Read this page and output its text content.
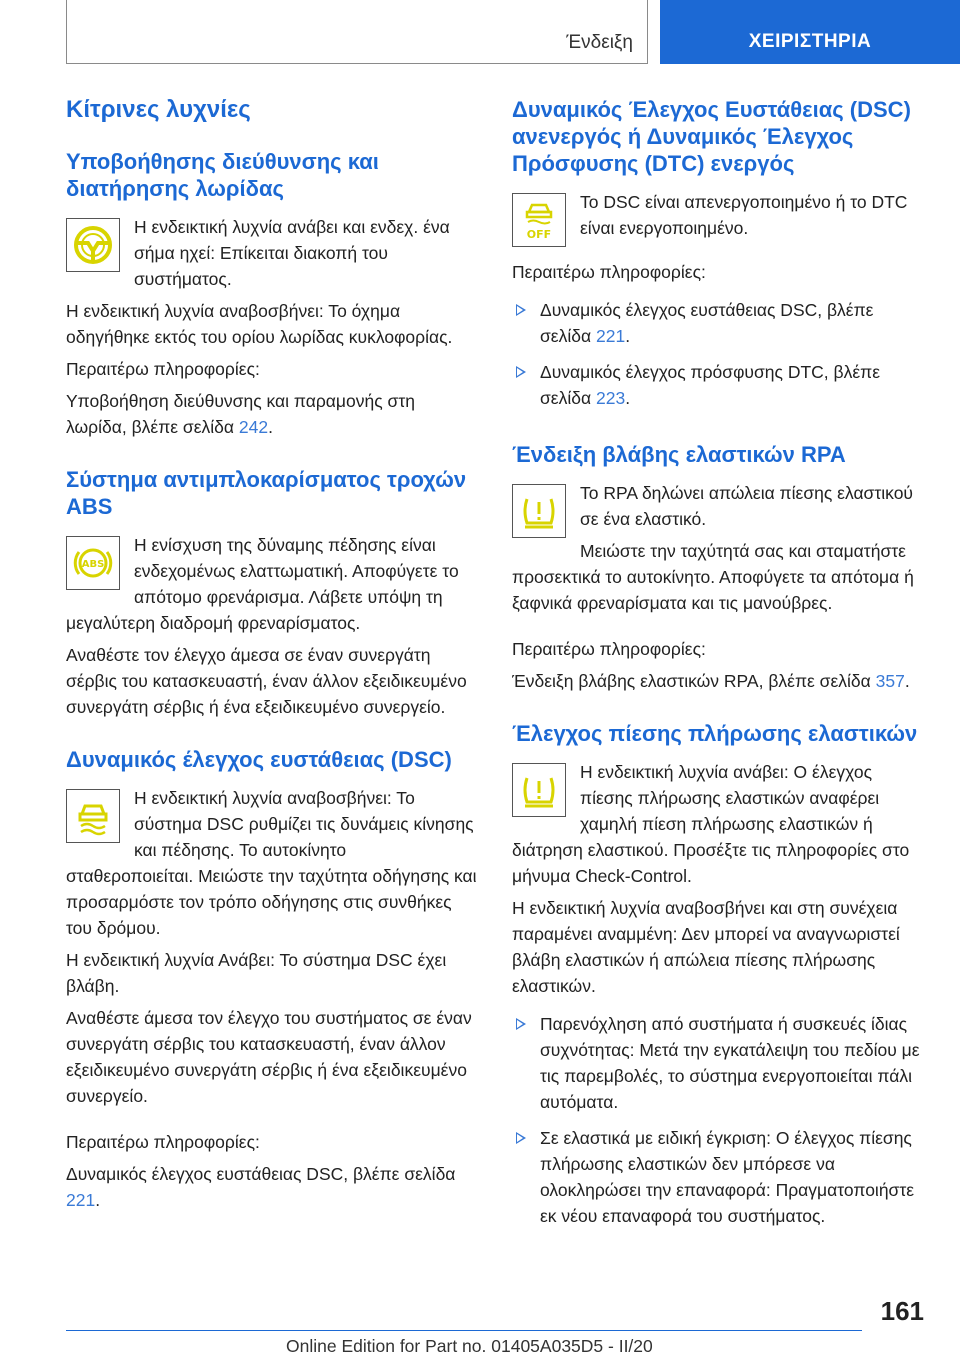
Ένδειξη	ΧΕΙΡΙΣΤΗΡΙΑ
Κίτρινες λυχνίες
Υποβοήθησης διεύθυνσης και διατήρησης λωρίδας

Η ενδεικτική λυχνία ανάβει και ενδεχ. ένα σήμα ηχεί: Επίκειται διακοπή του συστήματος.

Η ενδεικτική λυχνία αναβοσβήνει: Το όχημα οδηγήθηκε εκτός του ορίου λωρίδας κυκλοφορίας.

Περαιτέρω πληροφορίες:

Υποβοήθηση διεύθυνσης και παραμονής στη λωρίδα, βλέπε σελίδα 242.

Σύστημα αντιμπλοκαρίσματος τροχών ABS
ABS

Η ενίσχυση της δύναμης πέδησης είναι ενδεχομένως ελαττωματική. Αποφύγετε το απότομο φρενάρισμα. Λάβετε υπόψη τη μεγαλύτερη διαδρομή φρεναρίσματος.

Αναθέστε τον έλεγχο άμεσα σε έναν συνεργάτη σέρβις του κατασκευαστή, έναν άλλον εξειδικευμένο συνεργάτη σέρβις ή ένα εξειδικευμένο συνεργείο.

Δυναμικός έλεγχος ευστάθειας (DSC)

Η ενδεικτική λυχνία αναβοσβήνει: Το σύστημα DSC ρυθμίζει τις δυνάμεις κίνησης και πέδησης. Το αυτοκίνητο σταθεροποιείται. Μειώστε την ταχύτητα οδήγησης και προσαρμόστε τον τρόπο οδήγησης στις συνθήκες του δρόμου.

Η ενδεικτική λυχνία Ανάβει: Το σύστημα DSC έχει βλάβη.

Αναθέστε άμεσα τον έλεγχο του συστήματος σε έναν συνεργάτη σέρβις του κατασκευαστή, έναν άλλον εξειδικευμένο συνεργάτη σέρβις ή ένα εξειδικευμένο συνεργείο.

Περαιτέρω πληροφορίες:

Δυναμικός έλεγχος ευστάθειας DSC, βλέπε σελίδα 221.

Δυναμικός Έλεγχος Ευστάθειας (DSC) ανενεργός ή Δυναμικός Έλεγχος Πρόσφυσης (DTC) ενεργός
OFF

Το DSC είναι απενεργοποιημένο ή το DTC είναι ενεργοποιημένο.

Περαιτέρω πληροφορίες:

Δυναμικός έλεγχος ευστάθειας DSC, βλέπε σελίδα 221.
Δυναμικός έλεγχος πρόσφυσης DTC, βλέπε σελίδα 223.
Ένδειξη βλάβης ελαστικών RPA

Το RPA δηλώνει απώλεια πίεσης ελαστικού σε ένα ελαστικό.

Μειώστε την ταχύτητά σας και σταματήστε προσεκτικά το αυτοκίνητο. Αποφύγετε τα απότομα ή ξαφνικά φρεναρίσματα και τις μανούβρες.

Περαιτέρω πληροφορίες:

Ένδειξη βλάβης ελαστικών RPA, βλέπε σελίδα 357.

Έλεγχος πίεσης πλήρωσης ελαστικών

Η ενδεικτική λυχνία ανάβει: Ο έλεγχος πίεσης πλήρωσης ελαστικών αναφέρει χαμηλή πίεση πλήρωσης ελαστικών ή διάτρηση ελαστικού. Προσέξτε τις πληροφορίες στο μήνυμα Check-Control.

Η ενδεικτική λυχνία αναβοσβήνει και στη συνέχεια παραμένει αναμμένη: Δεν μπορεί να αναγνωριστεί βλάβη ελαστικών ή απώλεια πίεσης πλήρωσης ελαστικών.

Παρενόχληση από συστήματα ή συσκευές ίδιας συχνότητας: Μετά την εγκατάλειψη του πεδίου με τις παρεμβολές, το σύστημα ενεργοποιείται πάλι αυτόματα.
Σε ελαστικά με ειδική έγκριση: Ο έλεγχος πίεσης πλήρωσης ελαστικών δεν μπόρεσε να ολοκληρώσει την επαναφορά: Πραγματοποιήστε εκ νέου επαναφορά του συστήματος.
161
Online Edition for Part no. 01405A035D5 - II/20
